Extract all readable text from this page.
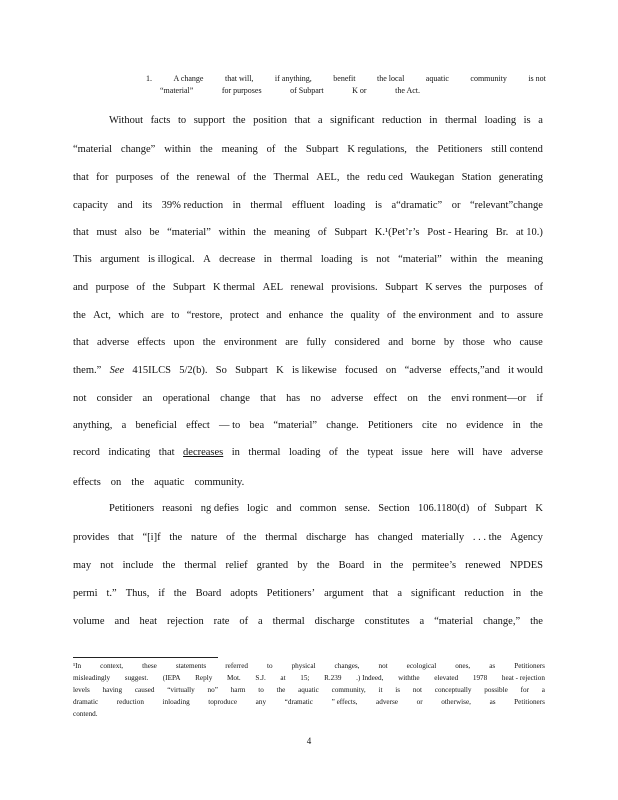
1.	A change	that will,	if anything,	benefit	the local	aquatic	community	is not
“material”	for purposes	of Subpart	K or	the Act.
Without facts to support the position that a significant reduction in thermal loading is a
“material change” within the meaning of the Subpart K regulations, the Petitioners still contend
that for purposes of the renewal of the Thermal AEL, the redu ced Waukegan Station generating
capacity and its 39% reduction in thermal effluent loading is a“dramatic” or “relevant”change
that must also be “material” within the meaning of Subpart K.¹(Pet’r’s Post - Hearing Br. at 10.)
This argument is illogical. A decrease in thermal loading is not “material” within the meaning
and purpose of the Subpart K thermal AEL renewal provisions. Subpart K serves the purposes of
the Act, which are to “restore, protect and enhance the quality of the environment and to assure
that adverse effects upon the environment are fully considered and borne by those who cause
them.” See 415ILCS 5/2(b). So Subpart K is likewise focused on “adverse effects,”and it would
not consider an operational change that has no adverse effect on the envi ronment—or if
anything, a beneficial effect — to bea “material” change. Petitioners cite no evidence in the
record indicating that decreases in thermal loading of the typeat issue here will have adverse
effects on the aquatic community.
Petitioners reasoni ng defies logic and common sense. Section 106.1180(d) of Subpart K
provides that “[i]f the nature of the thermal discharge has changed materially . . . the Agency
may not include the thermal relief granted by the Board in the permitee’s renewed NPDES
permi t.” Thus, if the Board adopts Petitioners’ argument that a significant reduction in the
volume and heat rejection rate of a thermal discharge constitutes a “material change,” the
¹In	context,	these	statements	referred	to	physical	changes,	not	ecological	ones,	as	Petitioners
misleadingly suggest. (IEPA Reply Mot. S.J. at 15; R.239 .) Indeed, withthe elevated 1978 heat - rejection
levels having caused “virtually no” harm to the aquatic community, it is not conceptually possible for a
dramatic	reduction	inloading	toproduce	any	“dramatic	” effects,	adverse	or	otherwise,	as	Petitioners
contend.
4
